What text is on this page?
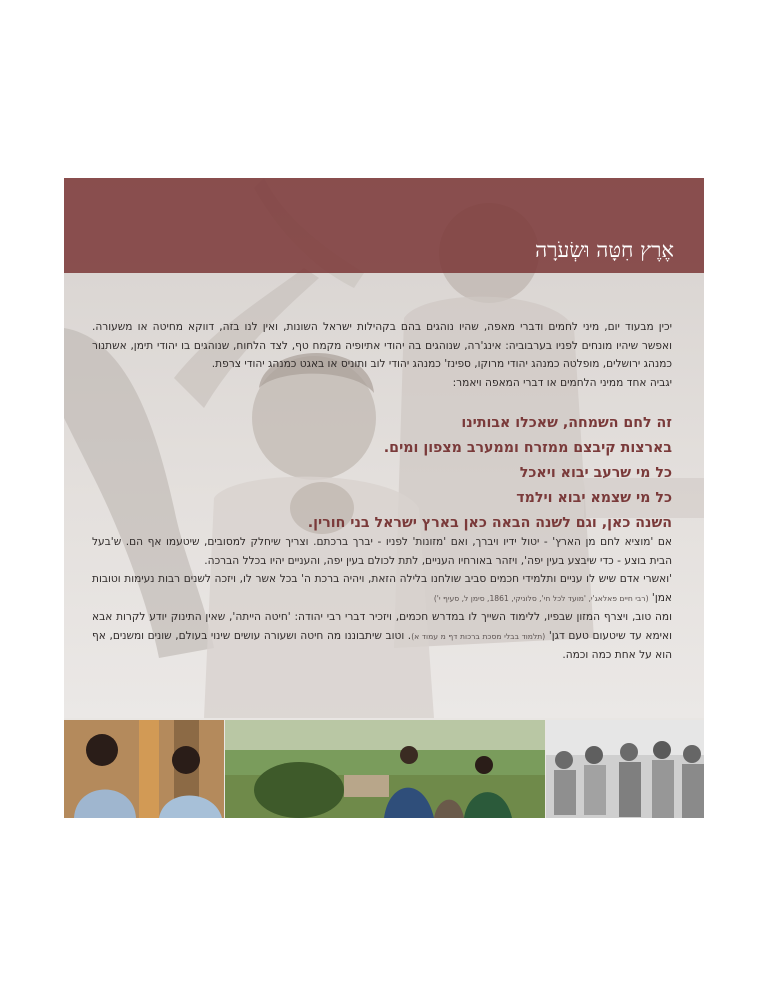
אֶרֶץ חִטָּה וּשְׂעֹרָה

יכין מבעוד יום, מיני לחמים ודברי מאפה, שהיו נוהגים בהם בקהילות ישראל השונות, ואין לנו בזה, דווקא מחיטה או משעורה. ואפשר שיהיו מונחים לפניו בערבוביה: אינג'רה, שנוהגים בה יהודי אתיופיה מקמח טף, לצד הלחוח, שנוהגים בו יהודי תימן, אשתנור כמנהג ירושלים, מופלטה כמנהג יהודי מרוקו, ספינז' כמנהג יהודי לוב ותוניס או באגט כמנהג יהודי צרפת.

יגביה אחד ממיני הלחמים או דברי המאפה ויאמר:

זה לחם השמחה, שאכלו אבותינו
בארצות קיבצם ממזרח וממערב מצפון ומים.
כל מי שרעב יבוא ויאכל
כל מי שצמא יבוא וילמד
השנה כאן, וגם לשנה הבאה כאן בארץ ישראל בני חורין.

אם 'מוציא לחם מן הארץ' - יטול ידיו ויברך, ואם 'מזונות' לפניו - יברך ברכתם. וצריך שיחלק למסובים, שיטעמו אף הם. ש'בעל הבית בוצע - כדי שיבצע בעין יפה', ויזהר באורחיו העניים, לתת לכולם בעין יפה, והעניים יהיו בכלל הברכה.

'ואשרי אדם שיש לו עניים ותלמידי חכמים סביב שולחנו בלילה הזאת, ויהיה ברכת ה' בכל אשר לו, ויזכה לשנים רבות נעימות וטובות אמן' (רבי חיים פאלאג'י, 'מועד לכל חי', סלוניקי, 1861, סימן ל, סעיף י')

ומה טוב, ויצרף המזון שבפיו, ללימוד השייך לו במדרש חכמים, ויזכיר דברי רבי יהודה: 'חיטה הייתה', שאין התינוק יודע לקרות אבא ואימא עד שיטעום טעם דגן' (תלמוד בבלי מסכת ברכות דף מ עמוד א). וטוב שיתבוננו מה חיטה ושעורה עושים שינוי בעולם, שונים ומשנים, אף הוא על אחת כמה וכמה.
